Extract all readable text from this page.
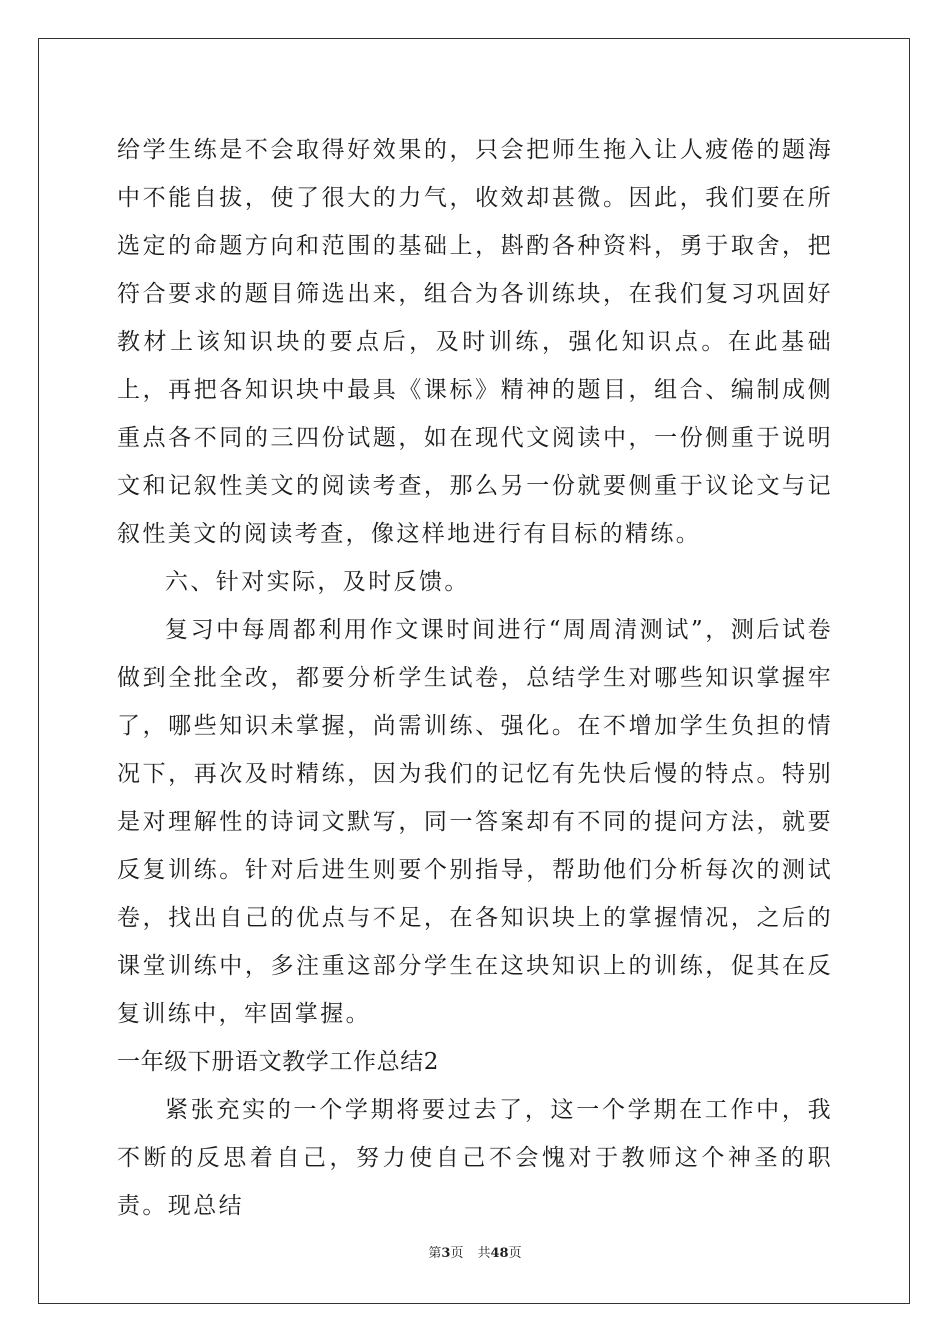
给学生练是不会取得好效果的，只会把师生拖入让人疲倦的题海中不能自拔，使了很大的力气，收效却甚微。因此，我们要在所选定的命题方向和范围的基础上，斟酌各种资料，勇于取舍，把符合要求的题目筛选出来，组合为各训练块，在我们复习巩固好教材上该知识块的要点后，及时训练，强化知识点。在此基础上，再把各知识块中最具《课标》精神的题目，组合、编制成侧重点各不同的三四份试题，如在现代文阅读中，一份侧重于说明文和记叙性美文的阅读考查，那么另一份就要侧重于议论文与记叙性美文的阅读考查，像这样地进行有目标的精练。

六、针对实际，及时反馈。

复习中每周都利用作文课时间进行“周周清测试”，测后试卷做到全批全改，都要分析学生试卷，总结学生对哪些知识掌握牢了，哪些知识未掌握，尚需训练、强化。在不增加学生负担的情况下，再次及时精练，因为我们的记忆有先快后慢的特点。特别是对理解性的诗词文默写，同一答案却有不同的提问方法，就要反复训练。针对后进生则要个别指导，帮助他们分析每次的测试卷，找出自己的优点与不足，在各知识块上的掌握情况，之后的课堂训练中，多注重这部分学生在这块知识上的训练，促其在反复训练中，牢固掌握。

一年级下册语文教学工作总结2

紧张充实的一个学期将要过去了，这一个学期在工作中，我不断的反思着自己，努力使自己不会愧对于教师这个神圣的职责。现总结

第3页 共48页
